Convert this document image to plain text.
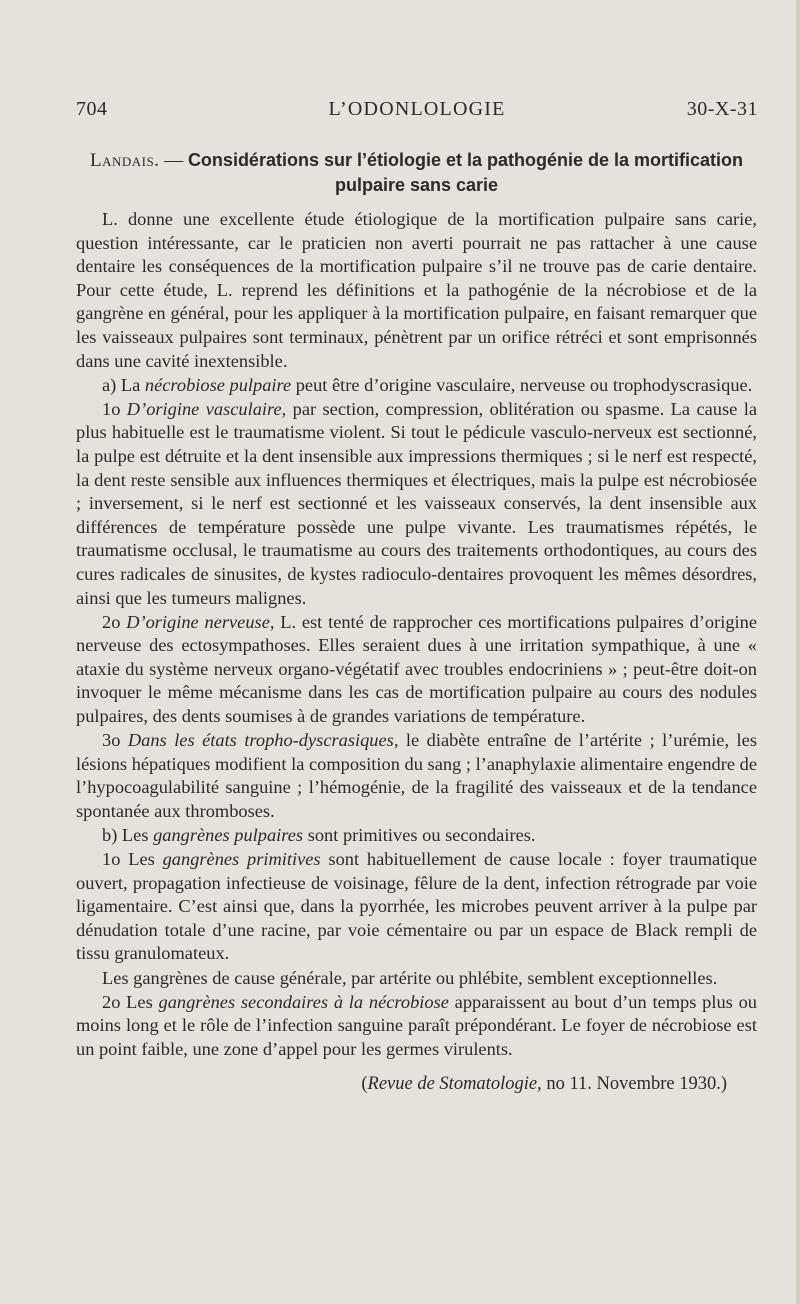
704	L’ODONLOLOGIE	30-X-31
Landais. — Considérations sur l’étiologie et la pathogénie de la mortification pulpaire sans carie

L. donne une excellente étude étiologique de la mortification pulpaire sans carie, question intéressante, car le praticien non averti pourrait ne pas rattacher à une cause dentaire les conséquences de la mortification pulpaire s’il ne trouve pas de carie dentaire. Pour cette étude, L. reprend les définitions et la pathogénie de la nécrobiose et de la gangrène en général, pour les appliquer à la mortification pulpaire, en faisant remarquer que les vaisseaux pulpaires sont terminaux, pénètrent par un orifice rétréci et sont emprisonnés dans une cavité inextensible.

a) La nécrobiose pulpaire peut être d’origine vasculaire, nerveuse ou trophodyscrasique.

1o D’origine vasculaire, par section, compression, oblitération ou spasme. La cause la plus habituelle est le traumatisme violent. Si tout le pédicule vasculo-nerveux est sectionné, la pulpe est détruite et la dent insensible aux impressions thermiques ; si le nerf est respecté, la dent reste sensible aux influences thermiques et électriques, mais la pulpe est nécrobiosée ; inversement, si le nerf est sectionné et les vaisseaux conservés, la dent insensible aux différences de température possède une pulpe vivante. Les traumatismes répétés, le traumatisme occlusal, le traumatisme au cours des traitements orthodontiques, au cours des cures radicales de sinusites, de kystes radioculo-dentaires provoquent les mêmes désordres, ainsi que les tumeurs malignes.

2o D’origine nerveuse, L. est tenté de rapprocher ces mortifications pulpaires d’origine nerveuse des ectosympathoses. Elles seraient dues à une irritation sympathique, à une « ataxie du système nerveux organo-végétatif avec troubles endocriniens » ; peut-être doit-on invoquer le même mécanisme dans les cas de mortification pulpaire au cours des nodules pulpaires, des dents soumises à de grandes variations de température.

3o Dans les états tropho-dyscrasiques, le diabète entraîne de l’artérite ; l’urémie, les lésions hépatiques modifient la composition du sang ; l’anaphylaxie alimentaire engendre de l’hypocoagulabilité sanguine ; l’hémogénie, de la fragilité des vaisseaux et de la tendance spontanée aux thromboses.

b) Les gangrènes pulpaires sont primitives ou secondaires.

1o Les gangrènes primitives sont habituellement de cause locale : foyer traumatique ouvert, propagation infectieuse de voisinage, fêlure de la dent, infection rétrograde par voie ligamentaire. C’est ainsi que, dans la pyorrhée, les microbes peuvent arriver à la pulpe par dénudation totale d’une racine, par voie cémentaire ou par un espace de Black rempli de tissu granulomateux.

Les gangrènes de cause générale, par artérite ou phlébite, semblent exceptionnelles.

2o Les gangrènes secondaires à la nécrobiose apparaissent au bout d’un temps plus ou moins long et le rôle de l’infection sanguine paraît prépondérant. Le foyer de nécrobiose est un point faible, une zone d’appel pour les germes virulents.

(Revue de Stomatologie, no 11. Novembre 1930.)
